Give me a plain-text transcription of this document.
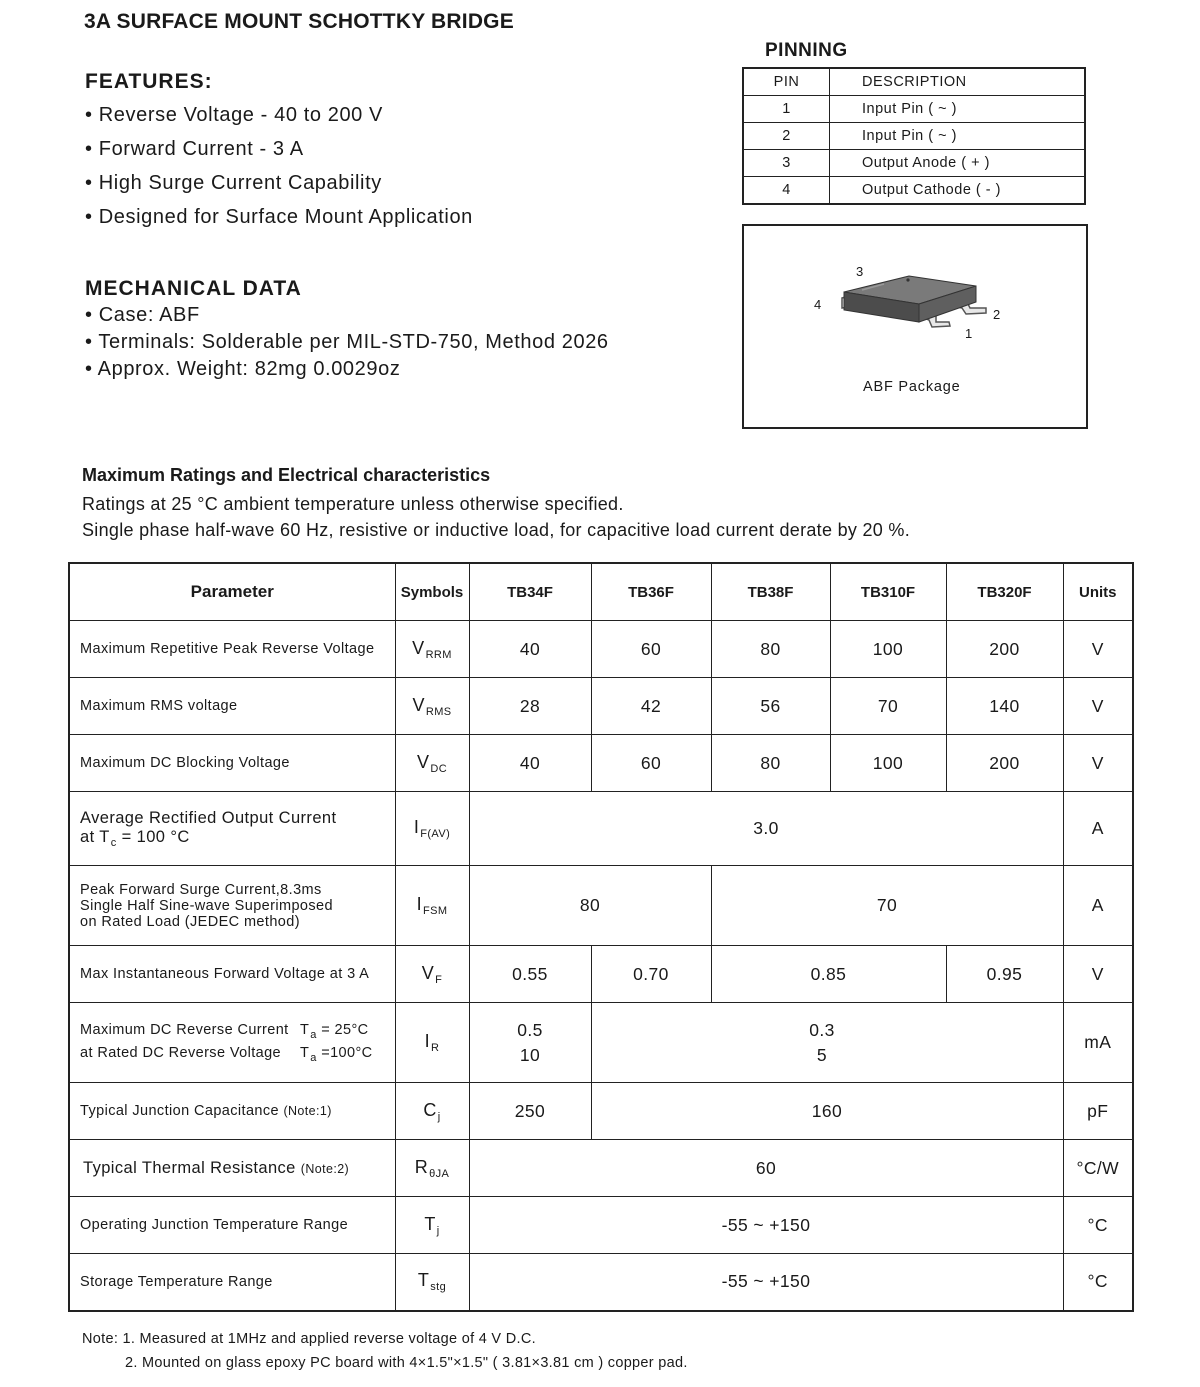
3A SURFACE MOUNT SCHOTTKY BRIDGE
FEATURES:
• Reverse Voltage - 40 to 200 V
• Forward Current - 3 A
• High Surge Current Capability
• Designed for Surface Mount Application
MECHANICAL DATA
• Case: ABF
• Terminals: Solderable per MIL-STD-750, Method 2026
• Approx. Weight: 82mg 0.0029oz
PINNING
PIN	DESCRIPTION
1	Input Pin ( ~ )
2	Input Pin ( ~ )
3	Output Anode ( + )
4	Output Cathode ( - )
3
4
2
1
ABF Package
Maximum Ratings and Electrical characteristics
Ratings at 25 °C ambient temperature unless otherwise specified.
Single phase half-wave 60 Hz, resistive or inductive load, for capacitive load current derate by 20 %.
Parameter	Symbols	TB34F	TB36F	TB38F	TB310F	TB320F	Units
Maximum Repetitive Peak Reverse Voltage	$V_{RRM}$	40	60	80	100	200	V
Maximum RMS voltage	$V_{RMS}$	28	42	56	70	140	V
Maximum DC Blocking Voltage	$V_{DC}$	40	60	80	100	200	V

Average Rectified Output Current
at $T_c = 100$ °C	$I_{F(AV)}$	3.0					A

Peak Forward Surge Current,8.3ms
Single Half Sine-wave Superimposed
on Rated Load (JEDEC method)	$I_{FSM}$	80		70			A
Max Instantaneous Forward Voltage at 3 A	$V_F$	0.55	0.70	0.85		0.95	V

Maximum DC Reverse Current $T_a = 25^\circ C$
at Rated DC Reverse Voltage $T_a =100^\circ C$	$I_R$	0.5
10	0.3
5				mA
Typical Junction Capacitance (Note:1)	$C_j$	250	160				pF
Typical Thermal Resistance (Note:2)	$R_{\theta JA}$	60					°C/W
Operating Junction Temperature Range	$T_j$	-55 ~ +150					°C
Storage Temperature Range	$T_{stg}$	-55 ~ +150					°C
Note: 1. Measured at 1MHz and applied reverse voltage of 4 V D.C.
2. Mounted on glass epoxy PC board with 4×1.5"×1.5" ( 3.81×3.81 cm ) copper pad.
